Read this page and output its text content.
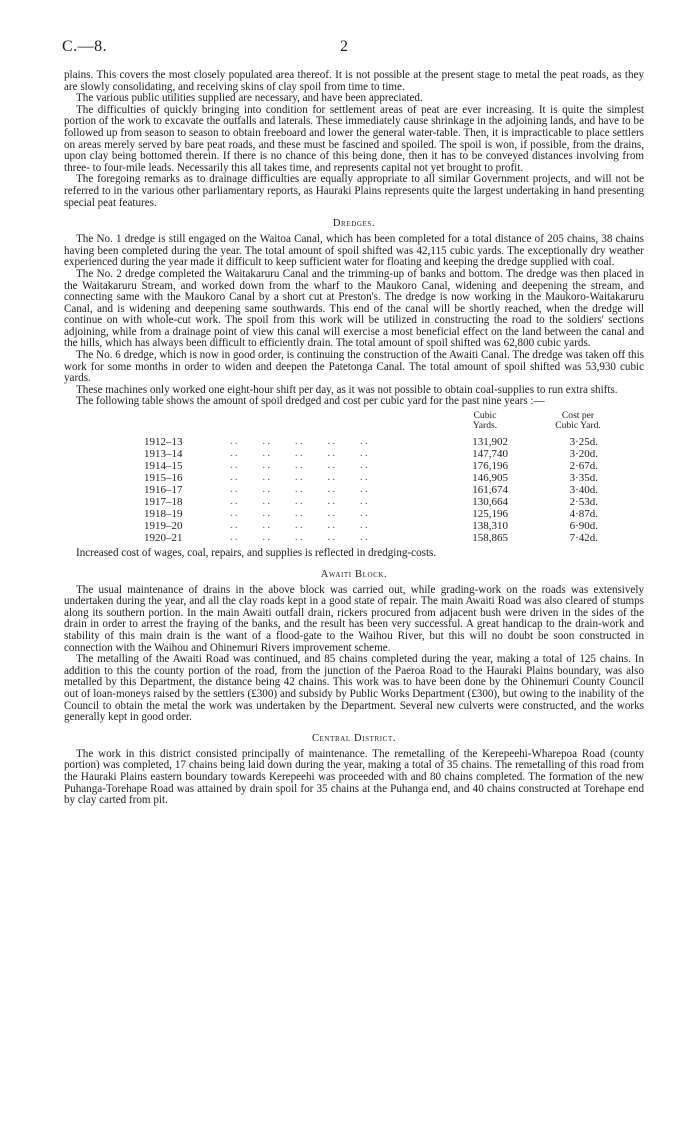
C.—8.	2

plains. This covers the most closely populated area thereof. It is not possible at the present stage to metal the peat roads, as they are slowly consolidating, and receiving skins of clay spoil from time to time.

The various public utilities supplied are necessary, and have been appreciated.

The difficulties of quickly bringing into condition for settlement areas of peat are ever increasing. It is quite the simplest portion of the work to excavate the outfalls and laterals. These immediately cause shrinkage in the adjoining lands, and have to be followed up from season to season to obtain freeboard and lower the general water-table. Then, it is impracticable to place settlers on areas merely served by bare peat roads, and these must be fascined and spoiled. The spoil is won, if possible, from the drains, upon clay being bottomed therein. If there is no chance of this being done, then it has to be conveyed distances involving from three- to four-mile leads. Necessarily this all takes time, and represents capital not yet brought to profit.

The foregoing remarks as to drainage difficulties are equally appropriate to all similar Government projects, and will not be referred to in the various other parliamentary reports, as Hauraki Plains represents quite the largest undertaking in hand presenting special peat features.

Dredges.

The No. 1 dredge is still engaged on the Waitoa Canal, which has been completed for a total distance of 205 chains, 38 chains having been completed during the year. The total amount of spoil shifted was 42,115 cubic yards. The exceptionally dry weather experienced during the year made it difficult to keep sufficient water for floating and keeping the dredge supplied with coal.

The No. 2 dredge completed the Waitakaruru Canal and the trimming-up of banks and bottom. The dredge was then placed in the Waitakaruru Stream, and worked down from the wharf to the Maukoro Canal, widening and deepening the stream, and connecting same with the Maukoro Canal by a short cut at Preston's. The dredge is now working in the Maukoro-Waitakaruru Canal, and is widening and deepening same southwards. This end of the canal will be shortly reached, when the dredge will continue on with whole-cut work. The spoil from this work will be utilized in constructing the road to the soldiers' sections adjoining, while from a drainage point of view this canal will exercise a most beneficial effect on the land between the canal and the hills, which has always been difficult to efficiently drain. The total amount of spoil shifted was 62,800 cubic yards.

The No. 6 dredge, which is now in good order, is continuing the construction of the Awaiti Canal. The dredge was taken off this work for some months in order to widen and deepen the Patetonga Canal. The total amount of spoil shifted was 53,930 cubic yards.

These machines only worked one eight-hour shift per day, as it was not possible to obtain coal-supplies to run extra shifts.

The following table shows the amount of spoil dredged and cost per cubic yard for the past nine years :—

Cubic
Yards.
Cost per
Cubic Yard.
1912–13	. .          . .          . .          . .          . .	131,902	3·25d.
1913–14	. .          . .          . .          . .          . .	147,740	3·20d.
1914–15	. .          . .          . .          . .          . .	176,196	2·67d.
1915–16	. .          . .          . .          . .          . .	146,905	3·35d.
1916–17	. .          . .          . .          . .          . .	161,674	3·40d.
1917–18	. .          . .          . .          . .          . .	130,664	2·53d.
1918–19	. .          . .          . .          . .          . .	125,196	4·87d.
1919–20	. .          . .          . .          . .          . .	138,310	6·90d.
1920–21	. .          . .          . .          . .          . .	158,865	7·42d.

Increased cost of wages, coal, repairs, and supplies is reflected in dredging-costs.

Awaiti Block.

The usual maintenance of drains in the above block was carried out, while grading-work on the roads was extensively undertaken during the year, and all the clay roads kept in a good state of repair. The main Awaiti Road was also cleared of stumps along its southern portion. In the main Awaiti outfall drain, rickers procured from adjacent bush were driven in the sides of the drain in order to arrest the fraying of the banks, and the result has been very successful. A great handicap to the drain-work and stability of this main drain is the want of a flood-gate to the Waihou River, but this will no doubt be soon constructed in connection with the Waihou and Ohinemuri Rivers improvement scheme.

The metalling of the Awaiti Road was continued, and 85 chains completed during the year, making a total of 125 chains. In addition to this the county portion of the road, from the junction of the Paeroa Road to the Hauraki Plains boundary, was also metalled by this Department, the distance being 42 chains. This work was to have been done by the Ohinemuri County Council out of loan-moneys raised by the settlers (£300) and subsidy by Public Works Department (£300), but owing to the inability of the Council to obtain the metal the work was undertaken by the Department. Several new culverts were constructed, and the works generally kept in good order.

Central District.

The work in this district consisted principally of maintenance. The remetalling of the Kerepeehi-Wharepoa Road (county portion) was completed, 17 chains being laid down during the year, making a total of 35 chains. The remetalling of this road from the Hauraki Plains eastern boundary towards Kerepeehi was proceeded with and 80 chains completed. The formation of the new Puhanga-Torehape Road was attained by drain spoil for 35 chains at the Puhanga end, and 40 chains constructed at Torehape end by clay carted from pit.
